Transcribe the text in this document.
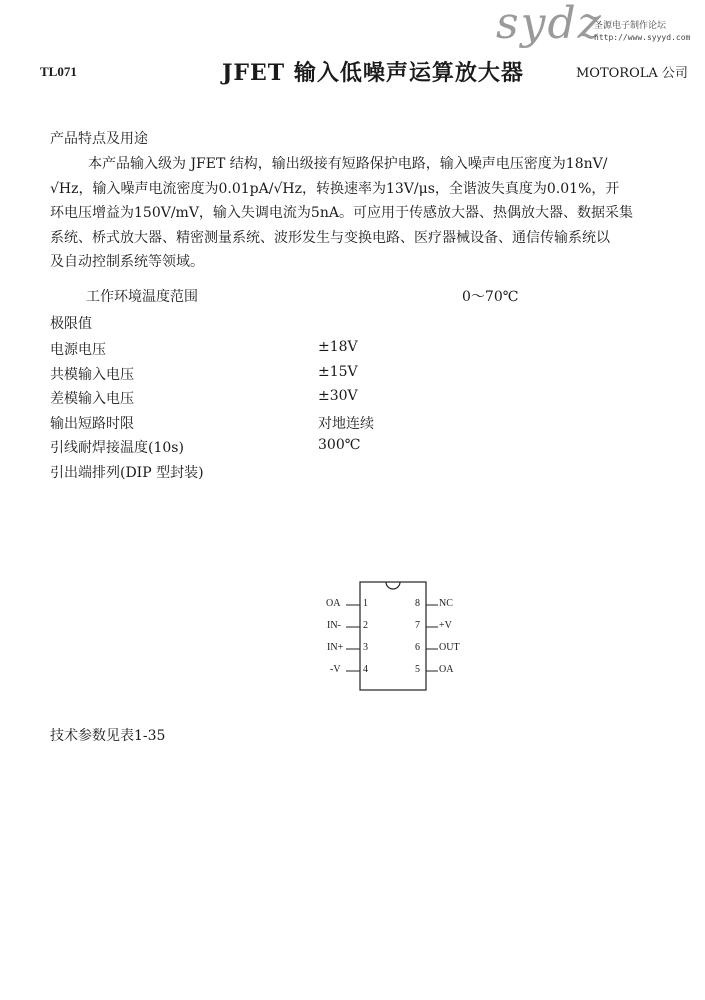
sydz
圣源电子制作论坛
http://www.syyyd.com
TL071	JFET 输入低噪声运算放大器	MOTOROLA 公司
产品特点及用途

本产品输入级为 JFET 结构，输出级接有短路保护电路，输入噪声电压密度为18nV/

√Hz，输入噪声电流密度为0.01pA/√Hz，转换速率为13V/μs，全谐波失真度为0.01%，开

环电压增益为150V/mV，输入失调电流为5nA。可应用于传感放大器、热偶放大器、数据采集

系统、桥式放大器、精密测量系统、波形发生与变换电路、医疗器械设备、通信传输系统以

及自动控制系统等领域。

工作环境温度范围	0～70℃
极限值
电源电压	±18V
共模输入电压	±15V
差模输入电压	±30V
输出短路时限	对地连续
引线耐焊接温度(10s)	300℃
引出端排列(DIP 型封装)
OA 1
IN- 2
IN+ 3
-V 4
8 NC
7 +V
6 OUT
5 OA
技术参数见表1-35
